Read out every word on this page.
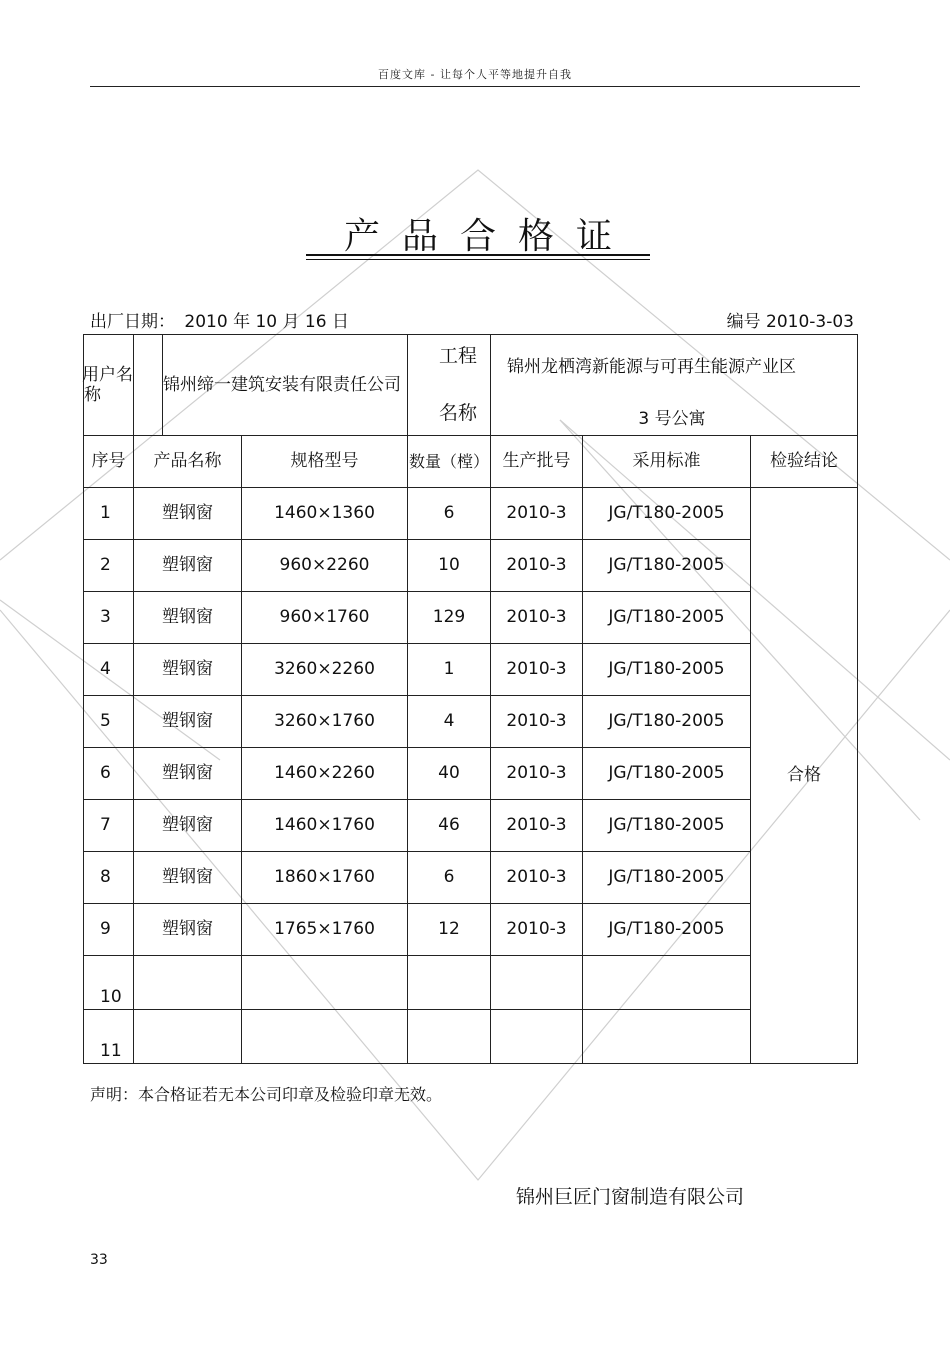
百度文库 - 让每个人平等地提升自我
产品合格证
出厂日期： 2010 年 10 月 16 日	编号 2010-3-03
用户名称	锦州缔一建筑安装有限责任公司		工程
名称	锦州龙栖湾新能源与可再生能源产业区
3 号公寓		

序号	产品名称	规格型号	数量（樘）	生产批号	采用标准	检验结论
1	塑钢窗	1460×1360	6	2010-3	JG/T180-2005	合格
2	塑钢窗	960×2260	10	2010-3	JG/T180-2005	
3	塑钢窗	960×1760	129	2010-3	JG/T180-2005	
4	塑钢窗	3260×2260	1	2010-3	JG/T180-2005	
5	塑钢窗	3260×1760	4	2010-3	JG/T180-2005	
6	塑钢窗	1460×2260	40	2010-3	JG/T180-2005	
7	塑钢窗	1460×1760	46	2010-3	JG/T180-2005	
8	塑钢窗	1860×1760	6	2010-3	JG/T180-2005	
9	塑钢窗	1765×1760	12	2010-3	JG/T180-2005	
10						
11						
声明：本合格证若无本公司印章及检验印章无效。
锦州巨匠门窗制造有限公司
33
